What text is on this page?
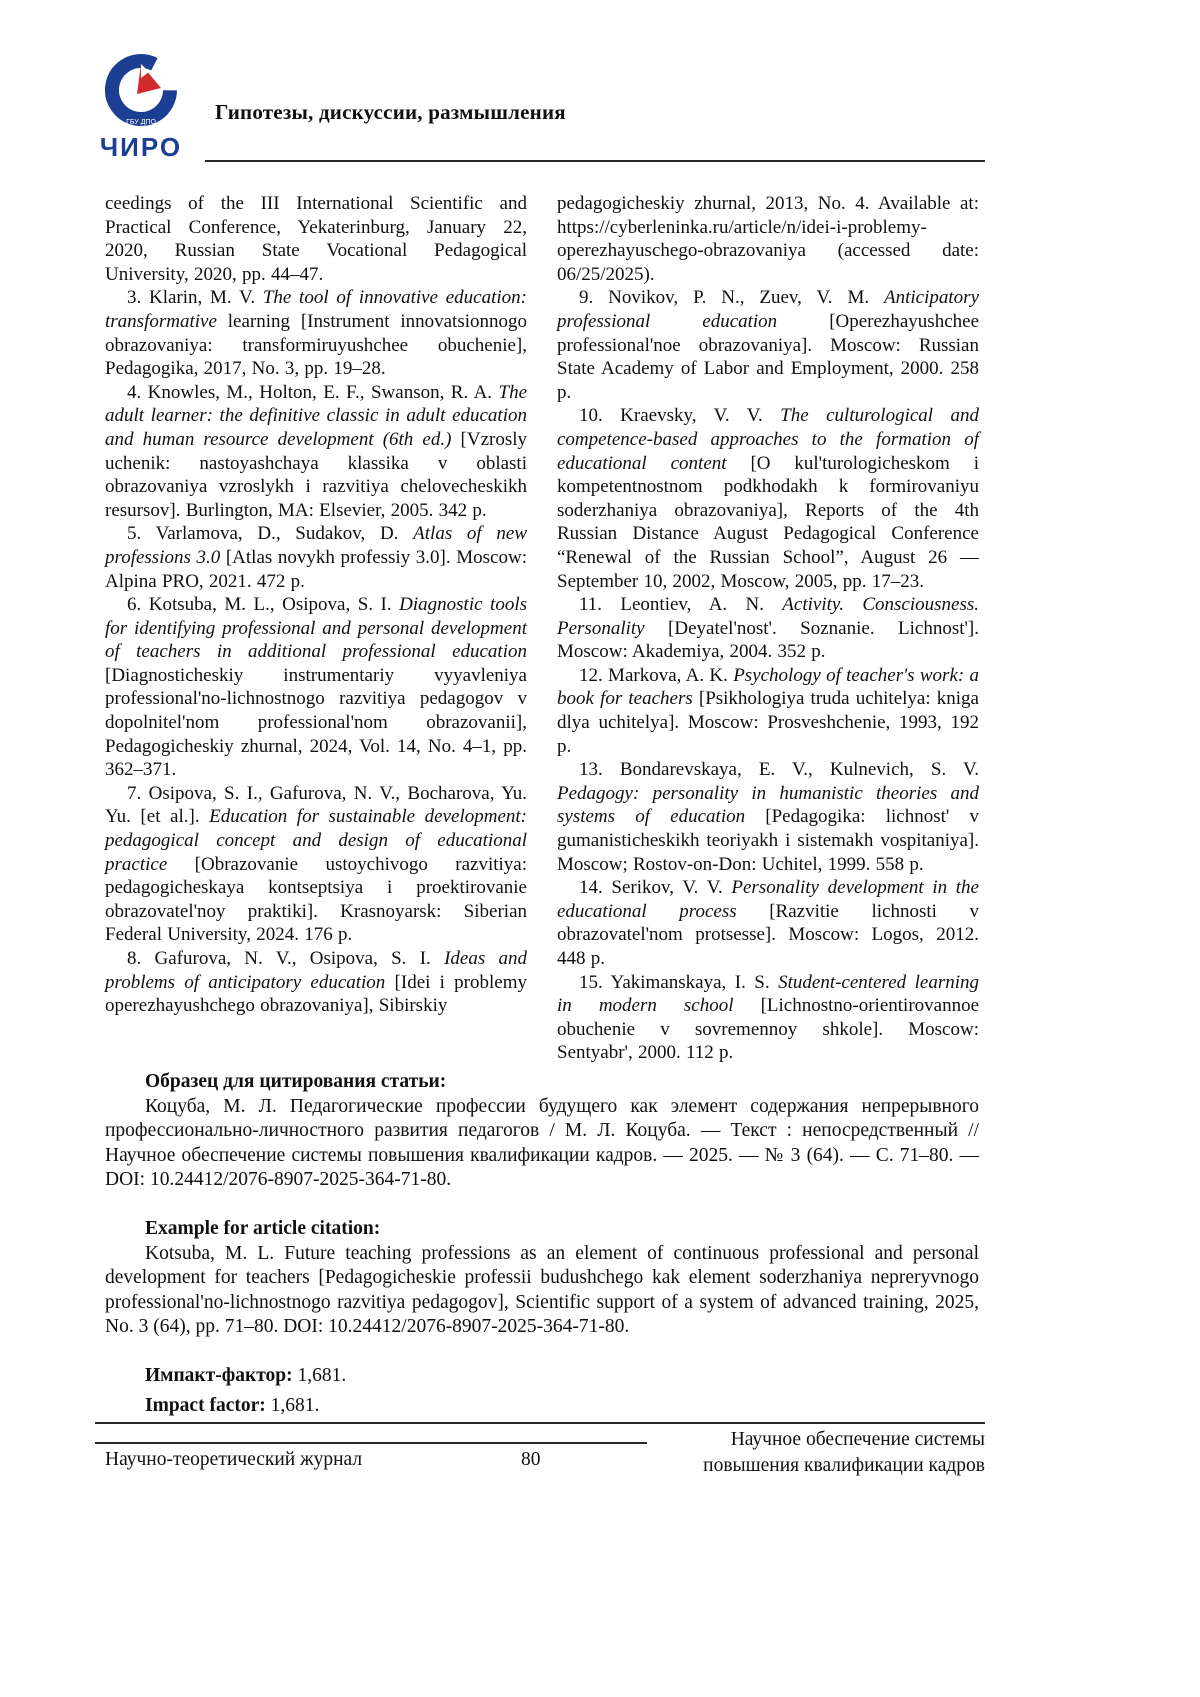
ГБУ ДПО
ЧИРО
Гипотезы, дискуссии, размышления

ceedings of the III International Scientific and Practical Conference, Yekaterinburg, January 22, 2020, Russian State Vocational Pedagogical University, 2020, pp. 44–47.

3. Klarin, M. V. The tool of innovative education: transformative learning [Instrument innovatsionnogo obrazovaniya: transformiruyushchee obuchenie], Pedagogika, 2017, No. 3, pp. 19–28.

4. Knowles, M., Holton, E. F., Swanson, R. A. The adult learner: the definitive classic in adult education and human resource development (6th ed.) [Vzrosly uchenik: nastoyashchaya klassika v oblasti obrazovaniya vzroslykh i razvitiya chelovecheskikh resursov]. Burlington, MA: Elsevier, 2005. 342 p.

5. Varlamova, D., Sudakov, D. Atlas of new professions 3.0 [Atlas novykh professiy 3.0]. Moscow: Alpina PRO, 2021. 472 p.

6. Kotsuba, M. L., Osipova, S. I. Diagnostic tools for identifying professional and personal development of teachers in additional professional education [Diagnosticheskiy instrumentariy vyyavleniya professional'no-lichnostnogo razvitiya pedagogov v dopolnitel'nom professional'nom obrazovanii], Pedagogicheskiy zhurnal, 2024, Vol. 14, No. 4–1, pp. 362–371.

7. Osipova, S. I., Gafurova, N. V., Bocharova, Yu. Yu. [et al.]. Education for sustainable development: pedagogical concept and design of educational practice [Obrazovanie ustoychivogo razvitiya: pedagogicheskaya kontseptsiya i proektirovanie obrazovatel'noy praktiki]. Krasnoyarsk: Siberian Federal University, 2024. 176 p.

8. Gafurova, N. V., Osipova, S. I. Ideas and problems of anticipatory education [Idei i problemy operezhayushchego obrazovaniya], Sibirskiy

pedagogicheskiy zhurnal, 2013, No. 4. Available at: https://cyberleninka.ru/article/n/idei-i-problemy-operezhayuschego-obrazovaniya (accessed date: 06/25/2025).

9. Novikov, P. N., Zuev, V. M. Anticipatory professional education [Operezhayushchee professional'noe obrazovaniya]. Moscow: Russian State Academy of Labor and Employment, 2000. 258 p.

10. Kraevsky, V. V. The culturological and competence-based approaches to the formation of educational content [O kul'turologicheskom i kompetentnostnom podkhodakh k formirovaniyu soderzhaniya obrazovaniya], Reports of the 4th Russian Distance August Pedagogical Conference “Renewal of the Russian School”, August 26 — September 10, 2002, Moscow, 2005, pp. 17–23.

11. Leontiev, A. N. Activity. Consciousness. Personality [Deyatel'nost'. Soznanie. Lichnost']. Moscow: Akademiya, 2004. 352 p.

12. Markova, A. K. Psychology of teacher's work: a book for teachers [Psikhologiya truda uchitelya: kniga dlya uchitelya]. Moscow: Prosveshchenie, 1993, 192 p.

13. Bondarevskaya, E. V., Kulnevich, S. V. Pedagogy: personality in humanistic theories and systems of education [Pedagogika: lichnost' v gumanisticheskikh teoriyakh i sistemakh vospitaniya]. Moscow; Rostov-on-Don: Uchitel, 1999. 558 p.

14. Serikov, V. V. Personality development in the educational process [Razvitie lichnosti v obrazovatel'nom protsesse]. Moscow: Logos, 2012. 448 p.

15. Yakimanskaya, I. S. Student-centered learning in modern school [Lichnostno-orientirovannoe obuchenie v sovremennoy shkole]. Moscow: Sentyabr', 2000. 112 p.

Образец для цитирования статьи:

Коцуба, М. Л. Педагогические профессии будущего как элемент содержания непрерывного профессионально-личностного развития педагогов / М. Л. Коцуба. — Текст : непосредственный // Научное обеспечение системы повышения квалификации кадров. — 2025. — № 3 (64). — С. 71–80. — DOI: 10.24412/2076-8907-2025-364-71-80.

Example for article citation:

Kotsuba, M. L. Future teaching professions as an element of continuous professional and personal development for teachers [Pedagogicheskie professii budushchego kak element soderzhaniya nepreryvnogo professional'no-lichnostnogo razvitiya pedagogov], Scientific support of a system of advanced training, 2025, No. 3 (64), pp. 71–80. DOI: 10.24412/2076-8907-2025-364-71-80.

Импакт-фактор: 1,681.

Impact factor: 1,681.

Научно-теоретический журнал	80
Научное обеспечение системы
повышения квалификации кадров
